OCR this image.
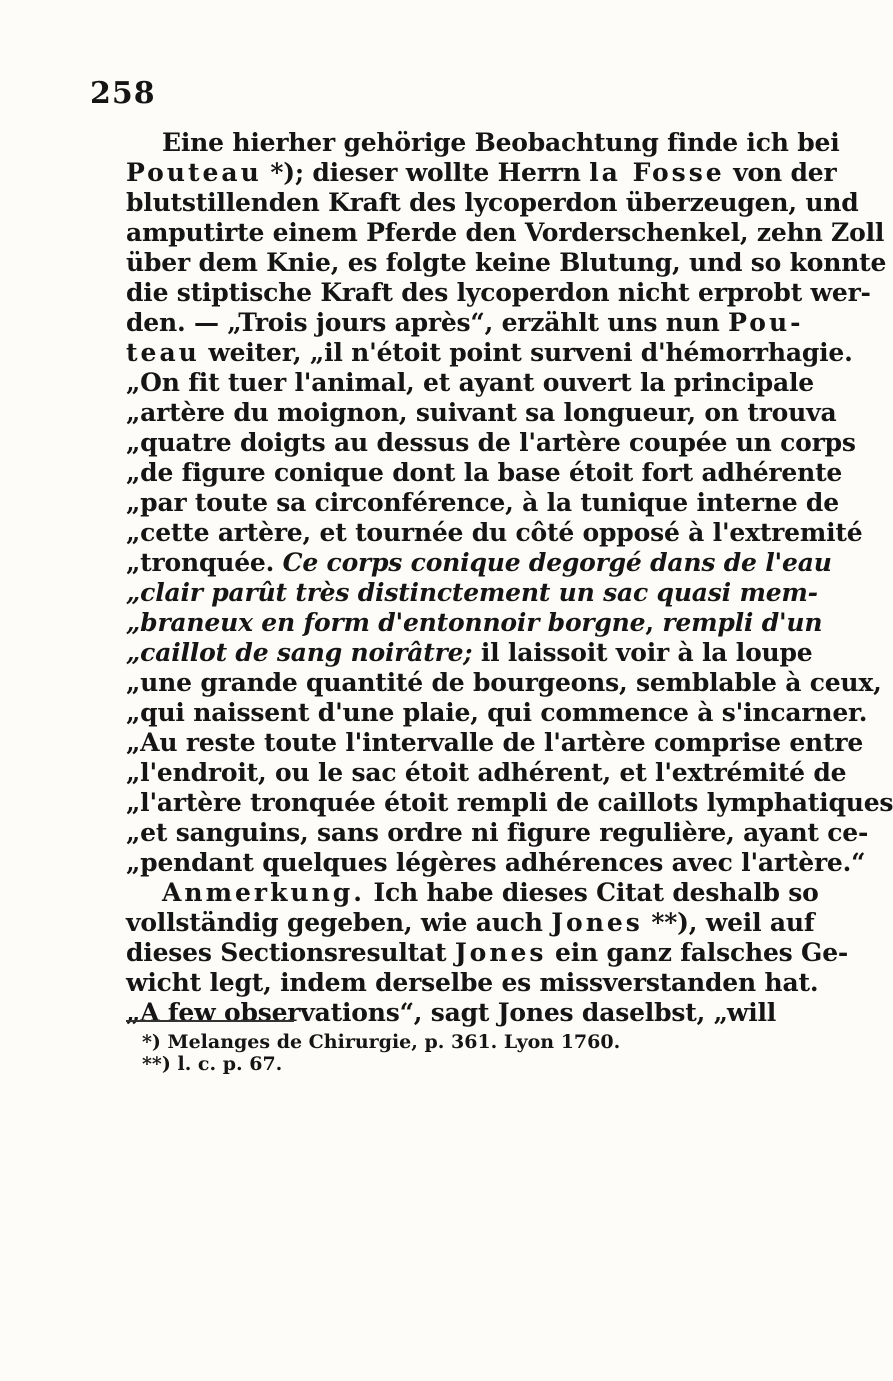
258
Eine hierher gehörige Beobachtung finde ich bei
Pouteau *); dieser wollte Herrn la Fosse von der
blutstillenden Kraft des lycoperdon überzeugen, und
amputirte einem Pferde den Vorderschenkel, zehn Zoll
über dem Knie, es folgte keine Blutung, und so konnte
die stiptische Kraft des lycoperdon nicht erprobt wer-
den. — „Trois jours après“, erzählt uns nun Pou-
teau weiter, „il n'étoit point surveni d'hémorrhagie.
„On fit tuer l'animal, et ayant ouvert la principale
„artère du moignon, suivant sa longueur, on trouva
„quatre doigts au dessus de l'artère coupée un corps
„de figure conique dont la base étoit fort adhérente
„par toute sa circonférence, à la tunique interne de
„cette artère, et tournée du côté opposé à l'extremité
„tronquée. Ce corps conique degorgé dans de l'eau
„clair parût très distinctement un sac quasi mem-
„braneux en form d'entonnoir borgne, rempli d'un
„caillot de sang noirâtre; il laissoit voir à la loupe
„une grande quantité de bourgeons, semblable à ceux,
„qui naissent d'une plaie, qui commence à s'incarner.
„Au reste toute l'intervalle de l'artère comprise entre
„l'endroit, ou le sac étoit adhérent, et l'extrémité de
„l'artère tronquée étoit rempli de caillots lymphatiques
„et sanguins, sans ordre ni figure regulière, ayant ce-
„pendant quelques légères adhérences avec l'artère.“
Anmerkung. Ich habe dieses Citat deshalb so
vollständig gegeben, wie auch Jones **), weil auf
dieses Sectionsresultat Jones ein ganz falsches Ge-
wicht legt, indem derselbe es missverstanden hat.
„A few observations“, sagt Jones daselbst, „will
*) Melanges de Chirurgie, p. 361. Lyon 1760.
**) l. c. p. 67.
